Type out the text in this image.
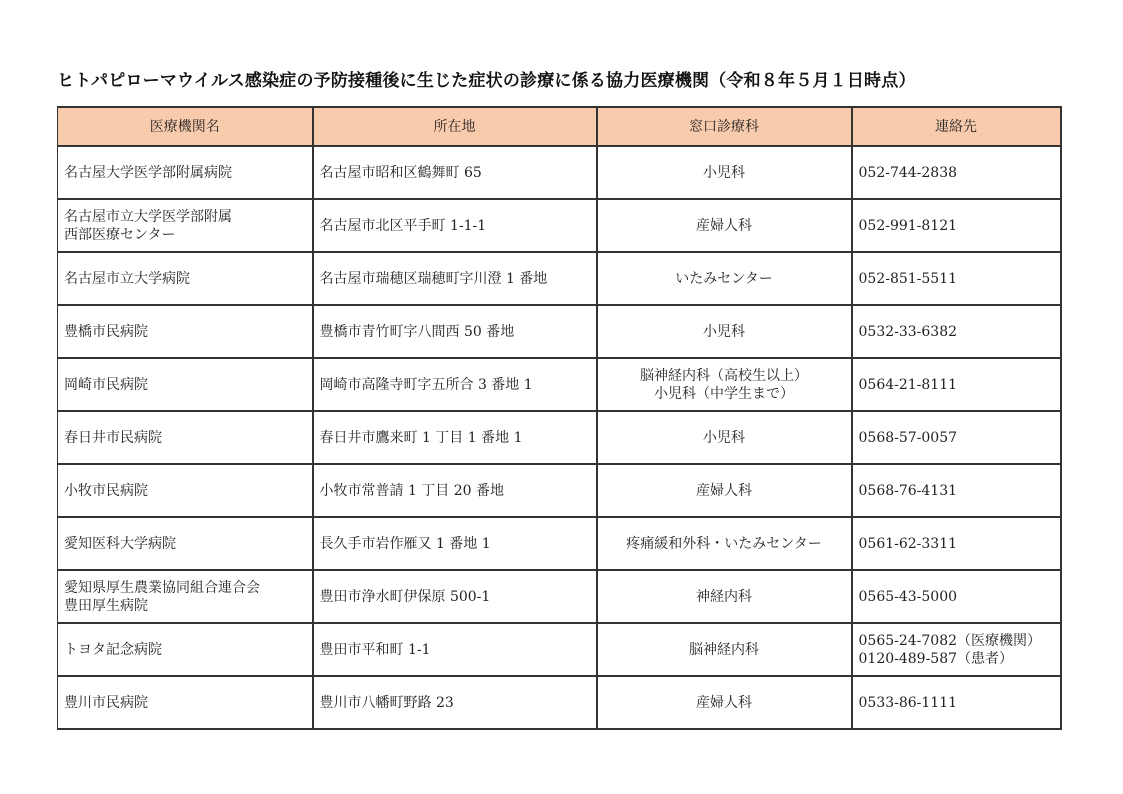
ヒトパピローマウイルス感染症の予防接種後に生じた症状の診療に係る協力医療機関（令和８年５月１日時点）
医療機関名	所在地	窓口診療科	連絡先

名古屋大学医学部附属病院	名古屋市昭和区鶴舞町 65	小児科	052-744-2838

名古屋市立大学医学部附属
西部医療センター	名古屋市北区平手町 1-1-1	産婦人科	052-991-8121

名古屋市立大学病院	名古屋市瑞穂区瑞穂町字川澄 1 番地	いたみセンター	052-851-5511

豊橋市民病院	豊橋市青竹町字八間西 50 番地	小児科	0532-33-6382

岡崎市民病院	岡崎市高隆寺町字五所合 3 番地 1	脳神経内科（高校生以上）
小児科（中学生まで）	0564-21-8111

春日井市民病院	春日井市鷹来町 1 丁目 1 番地 1	小児科	0568-57-0057

小牧市民病院	小牧市常普請 1 丁目 20 番地	産婦人科	0568-76-4131

愛知医科大学病院	長久手市岩作雁又 1 番地 1	疼痛緩和外科・いたみセンター	0561-62-3311

愛知県厚生農業協同組合連合会
豊田厚生病院	豊田市浄水町伊保原 500-1	神経内科	0565-43-5000

トヨタ記念病院	豊田市平和町 1-1	脳神経内科	0565-24-7082（医療機関）
0120-489-587（患者）

豊川市民病院	豊川市八幡町野路 23	産婦人科	0533-86-1111
